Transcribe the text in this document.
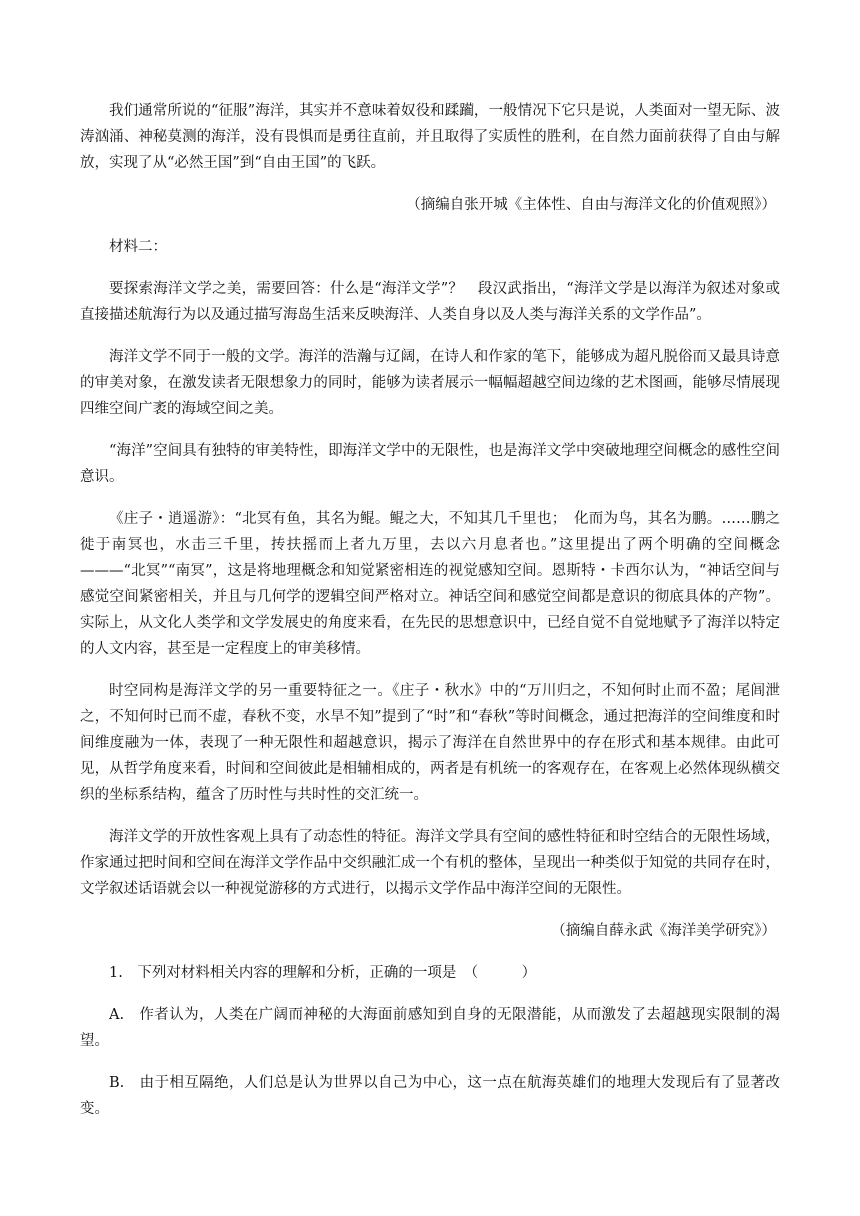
我们通常所说的“征服”海洋，其实并不意味着奴役和蹂躏，一般情况下它只是说，人类面对一望无际、波涛汹涌、神秘莫测的海洋，没有畏惧而是勇往直前，并且取得了实质性的胜利，在自然力面前获得了自由与解放，实现了从“必然王国”到“自由王国”的飞跃。

（摘编自张开城《主体性、自由与海洋文化的价值观照》）

材料二：

要探索海洋文学之美，需要回答：什么是“海洋文学”？　段汉武指出，“海洋文学是以海洋为叙述对象或直接描述航海行为以及通过描写海岛生活来反映海洋、人类自身以及人类与海洋关系的文学作品”。

海洋文学不同于一般的文学。海洋的浩瀚与辽阔，在诗人和作家的笔下，能够成为超凡脱俗而又最具诗意的审美对象，在激发读者无限想象力的同时，能够为读者展示一幅幅超越空间边缘的艺术图画，能够尽情展现四维空间广袤的海域空间之美。

“海洋”空间具有独特的审美特性，即海洋文学中的无限性，也是海洋文学中突破地理空间概念的感性空间意识。

《庄子・逍遥游》：“北冥有鱼，其名为鲲。鲲之大，不知其几千里也；　化而为鸟，其名为鹏。……鹏之徙于南冥也，水击三千里，抟扶摇而上者九万里，去以六月息者也。”这里提出了两个明确的空间概念———“北冥”“南冥”，这是将地理概念和知觉紧密相连的视觉感知空间。恩斯特・卡西尔认为，“神话空间与感觉空间紧密相关，并且与几何学的逻辑空间严格对立。神话空间和感觉空间都是意识的彻底具体的产物”。实际上，从文化人类学和文学发展史的角度来看，在先民的思想意识中，已经自觉不自觉地赋予了海洋以特定的人文内容，甚至是一定程度上的审美移情。

时空同构是海洋文学的另一重要特征之一。《庄子・秋水》中的“万川归之，不知何时止而不盈；尾闾泄之，不知何时已而不虚，春秋不变，水旱不知”提到了“时”和“春秋”等时间概念，通过把海洋的空间维度和时间维度融为一体，表现了一种无限性和超越意识，揭示了海洋在自然世界中的存在形式和基本规律。由此可见，从哲学角度来看，时间和空间彼此是相辅相成的，两者是有机统一的客观存在，在客观上必然体现纵横交织的坐标系结构，蕴含了历时性与共时性的交汇统一。

海洋文学的开放性客观上具有了动态性的特征。海洋文学具有空间的感性特征和时空结合的无限性场域，作家通过把时间和空间在海洋文学作品中交织融汇成一个有机的整体，呈现出一种类似于知觉的共同存在时，文学叙述话语就会以一种视觉游移的方式进行，以揭示文学作品中海洋空间的无限性。

（摘编自薛永武《海洋美学研究》）

1.　下列对材料相关内容的理解和分析，正确的一项是　（　　　）

A.　作者认为，人类在广阔而神秘的大海面前感知到自身的无限潜能，从而激发了去超越现实限制的渴望。

B.　由于相互隔绝，人们总是认为世界以自己为中心，这一点在航海英雄们的地理大发现后有了显著改变。
